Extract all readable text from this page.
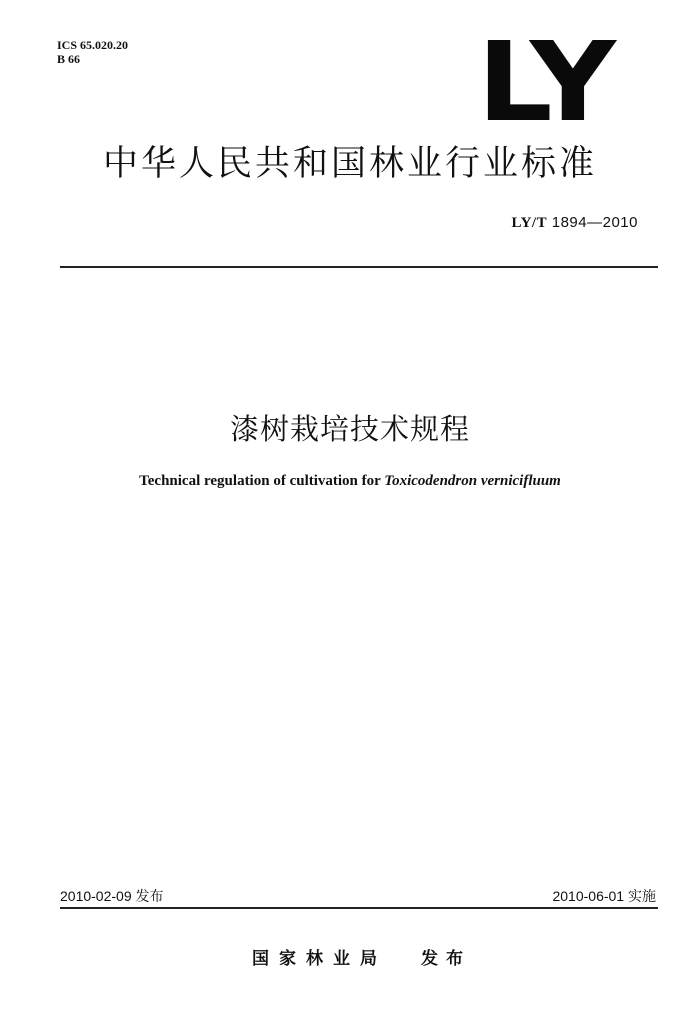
ICS 65.020.20
B 66	LY
中华人民共和国林业行业标准
LY/T 1894—2010
漆树栽培技术规程
Technical regulation of cultivation for Toxicodendron vernicifluum
2010-02-09 发布	2010-06-01 实施
国家林业局 发布
